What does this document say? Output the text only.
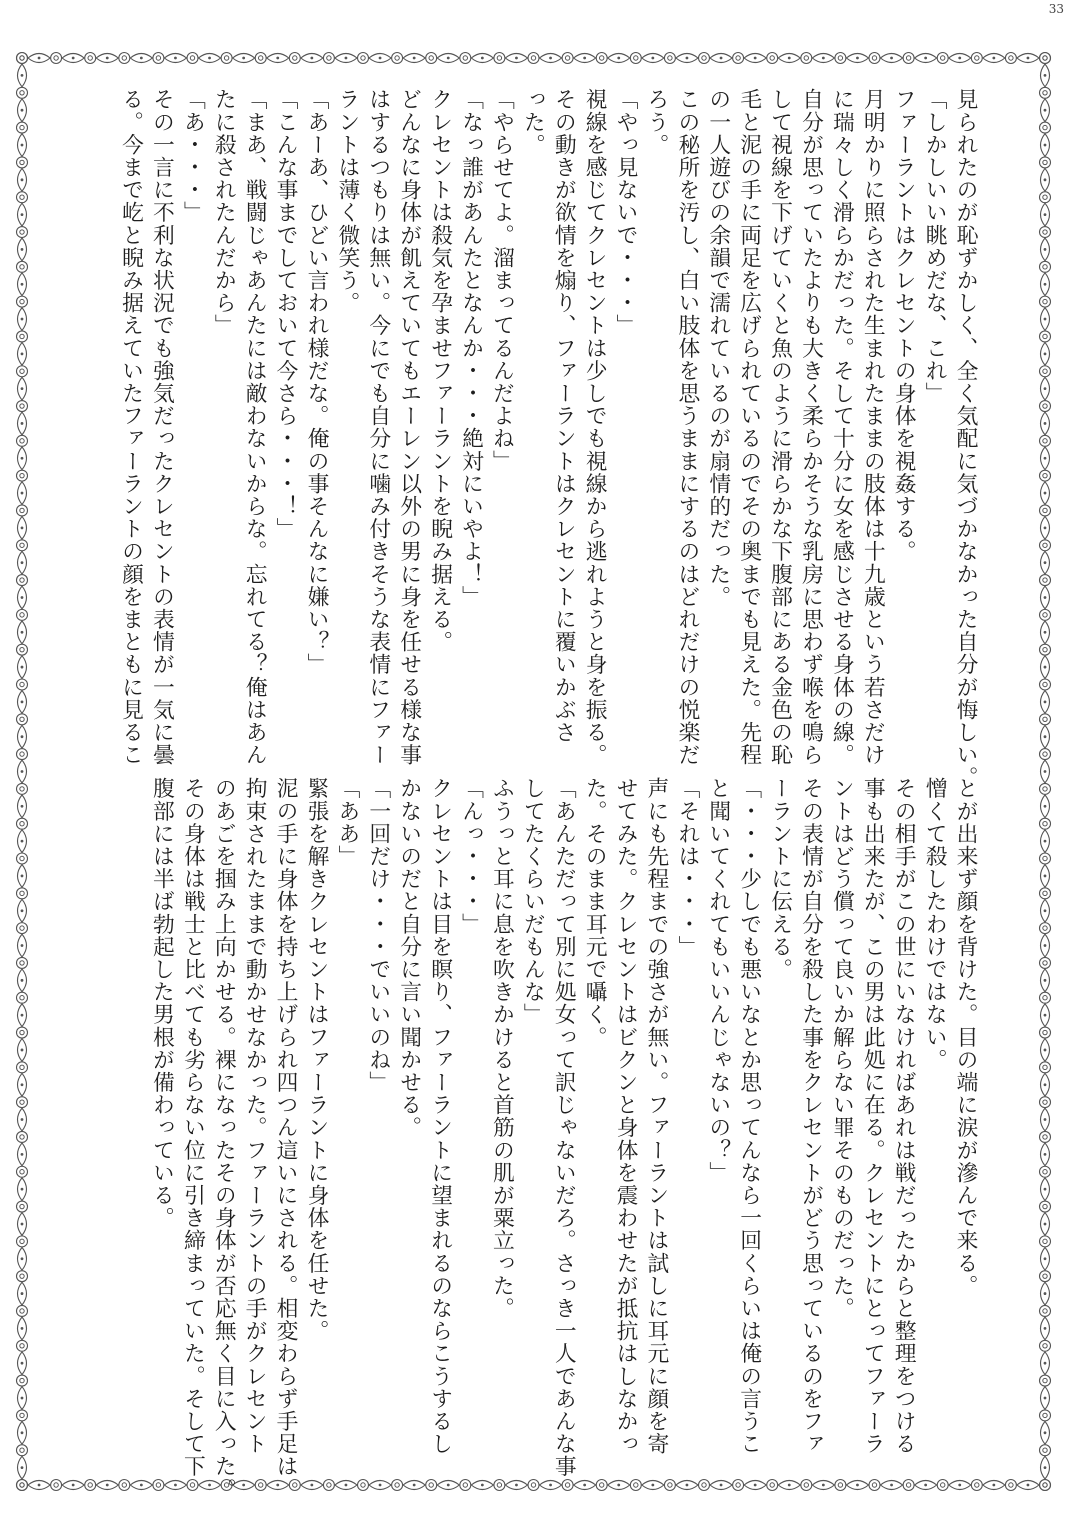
33
見られたのが恥ずかしく、全く気配に気づかなかった自分が悔しい。
「しかしいい眺めだな、これ」
ファーラントはクレセントの身体を視姦する。
月明かりに照らされた生まれたままの肢体は十九歳という若さだけ
に瑞々しく滑らかだった。そして十分に女を感じさせる身体の線。
自分が思っていたよりも大きく柔らかそうな乳房に思わず喉を鳴ら
して視線を下げていくと魚のように滑らかな下腹部にある金色の恥
毛と泥の手に両足を広げられているのでその奥までも見えた。先程
の一人遊びの余韻で濡れているのが扇情的だった。
この秘所を汚し、白い肢体を思うままにするのはどれだけの悦楽だ
ろう。
「やっ見ないで・・・」
視線を感じてクレセントは少しでも視線から逃れようと身を振る。
その動きが欲情を煽り、ファーラントはクレセントに覆いかぶさ
った。
「やらせてよ。溜まってるんだよね」
「なっ誰があんたとなんか・・・絶対にいやよ！」
クレセントは殺気を孕ませファーラントを睨み据える。
どんなに身体が飢えていてもエーレン以外の男に身を任せる様な事
はするつもりは無い。今にでも自分に噛み付きそうな表情にファー
ラントは薄く微笑う。
「あーあ、ひどい言われ様だな。俺の事そんなに嫌い？」
「こんな事までしておいて今さら・・・！」
「まあ、戦闘じゃあんたには敵わないからな。忘れてる？俺はあん
たに殺されたんだから」
「あ・・・」
その一言に不利な状況でも強気だったクレセントの表情が一気に曇
る。今まで屹と睨み据えていたファーラントの顔をまともに見るこ
とが出来ず顔を背けた。目の端に涙が滲んで来る。
憎くて殺したわけではない。
その相手がこの世にいなければあれは戦だったからと整理をつける
事も出来たが、この男は此処に在る。クレセントにとってファーラ
ントはどう償って良いか解らない罪そのものだった。
その表情が自分を殺した事をクレセントがどう思っているのをファ
ーラントに伝える。
「・・・少しでも悪いなとか思ってんなら一回くらいは俺の言うこ
と聞いてくれてもいいんじゃないの？」
「それは・・・」
声にも先程までの強さが無い。ファーラントは試しに耳元に顔を寄
せてみた。クレセントはビクンと身体を震わせたが抵抗はしなかっ
た。そのまま耳元で囁く。
「あんただって別に処女って訳じゃないだろ。さっき一人であんな事
してたくらいだもんな」
ふうっと耳に息を吹きかけると首筋の肌が粟立った。
「んっ・・・」
クレセントは目を瞑り、ファーラントに望まれるのならこうするし
かないのだと自分に言い聞かせる。
「一回だけ・・・でいいのね」
「ああ」
緊張を解きクレセントはファーラントに身体を任せた。
泥の手に身体を持ち上げられ四つん這いにされる。相変わらず手足は
拘束されたままで動かせなかった。ファーラントの手がクレセント
のあごを掴み上向かせる。裸になったその身体が否応無く目に入った。
その身体は戦士と比べても劣らない位に引き締まっていた。そして下
腹部には半ば勃起した男根が備わっている。
